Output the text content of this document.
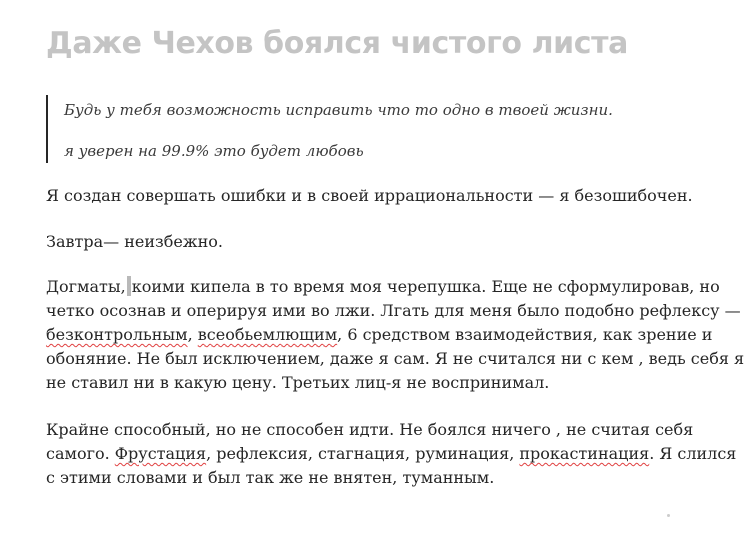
Даже Чехов боялся чистого листа
Будь у тебя возможность исправить что то одно в твоей жизни.
я уверен на 99.9% это будет любовь

Я создан совершать ошибки и в своей иррациональности — я безошибочен.

Завтра— неизбежно.

Догматы, коими кипела в то время моя черепушка. Еще не сформулировав, но
четко осознав и оперируя ими во лжи. Лгать для меня было подобно рефлексу —
безконтрольным, всеобьемлющим, 6 средством взаимодействия, как зрение и
обоняние. Не был исключением, даже я сам. Я не считался ни с кем , ведь себя я
не ставил ни в какую цену. Третьих лиц-я не воспринимал.

Крайне способный, но не способен идти. Не боялся ничего , не считая себя
самого. Фрустация, рефлексия, стагнация, руминация, прокастинация. Я слился
с этими словами и был так же не внятен, туманным.
